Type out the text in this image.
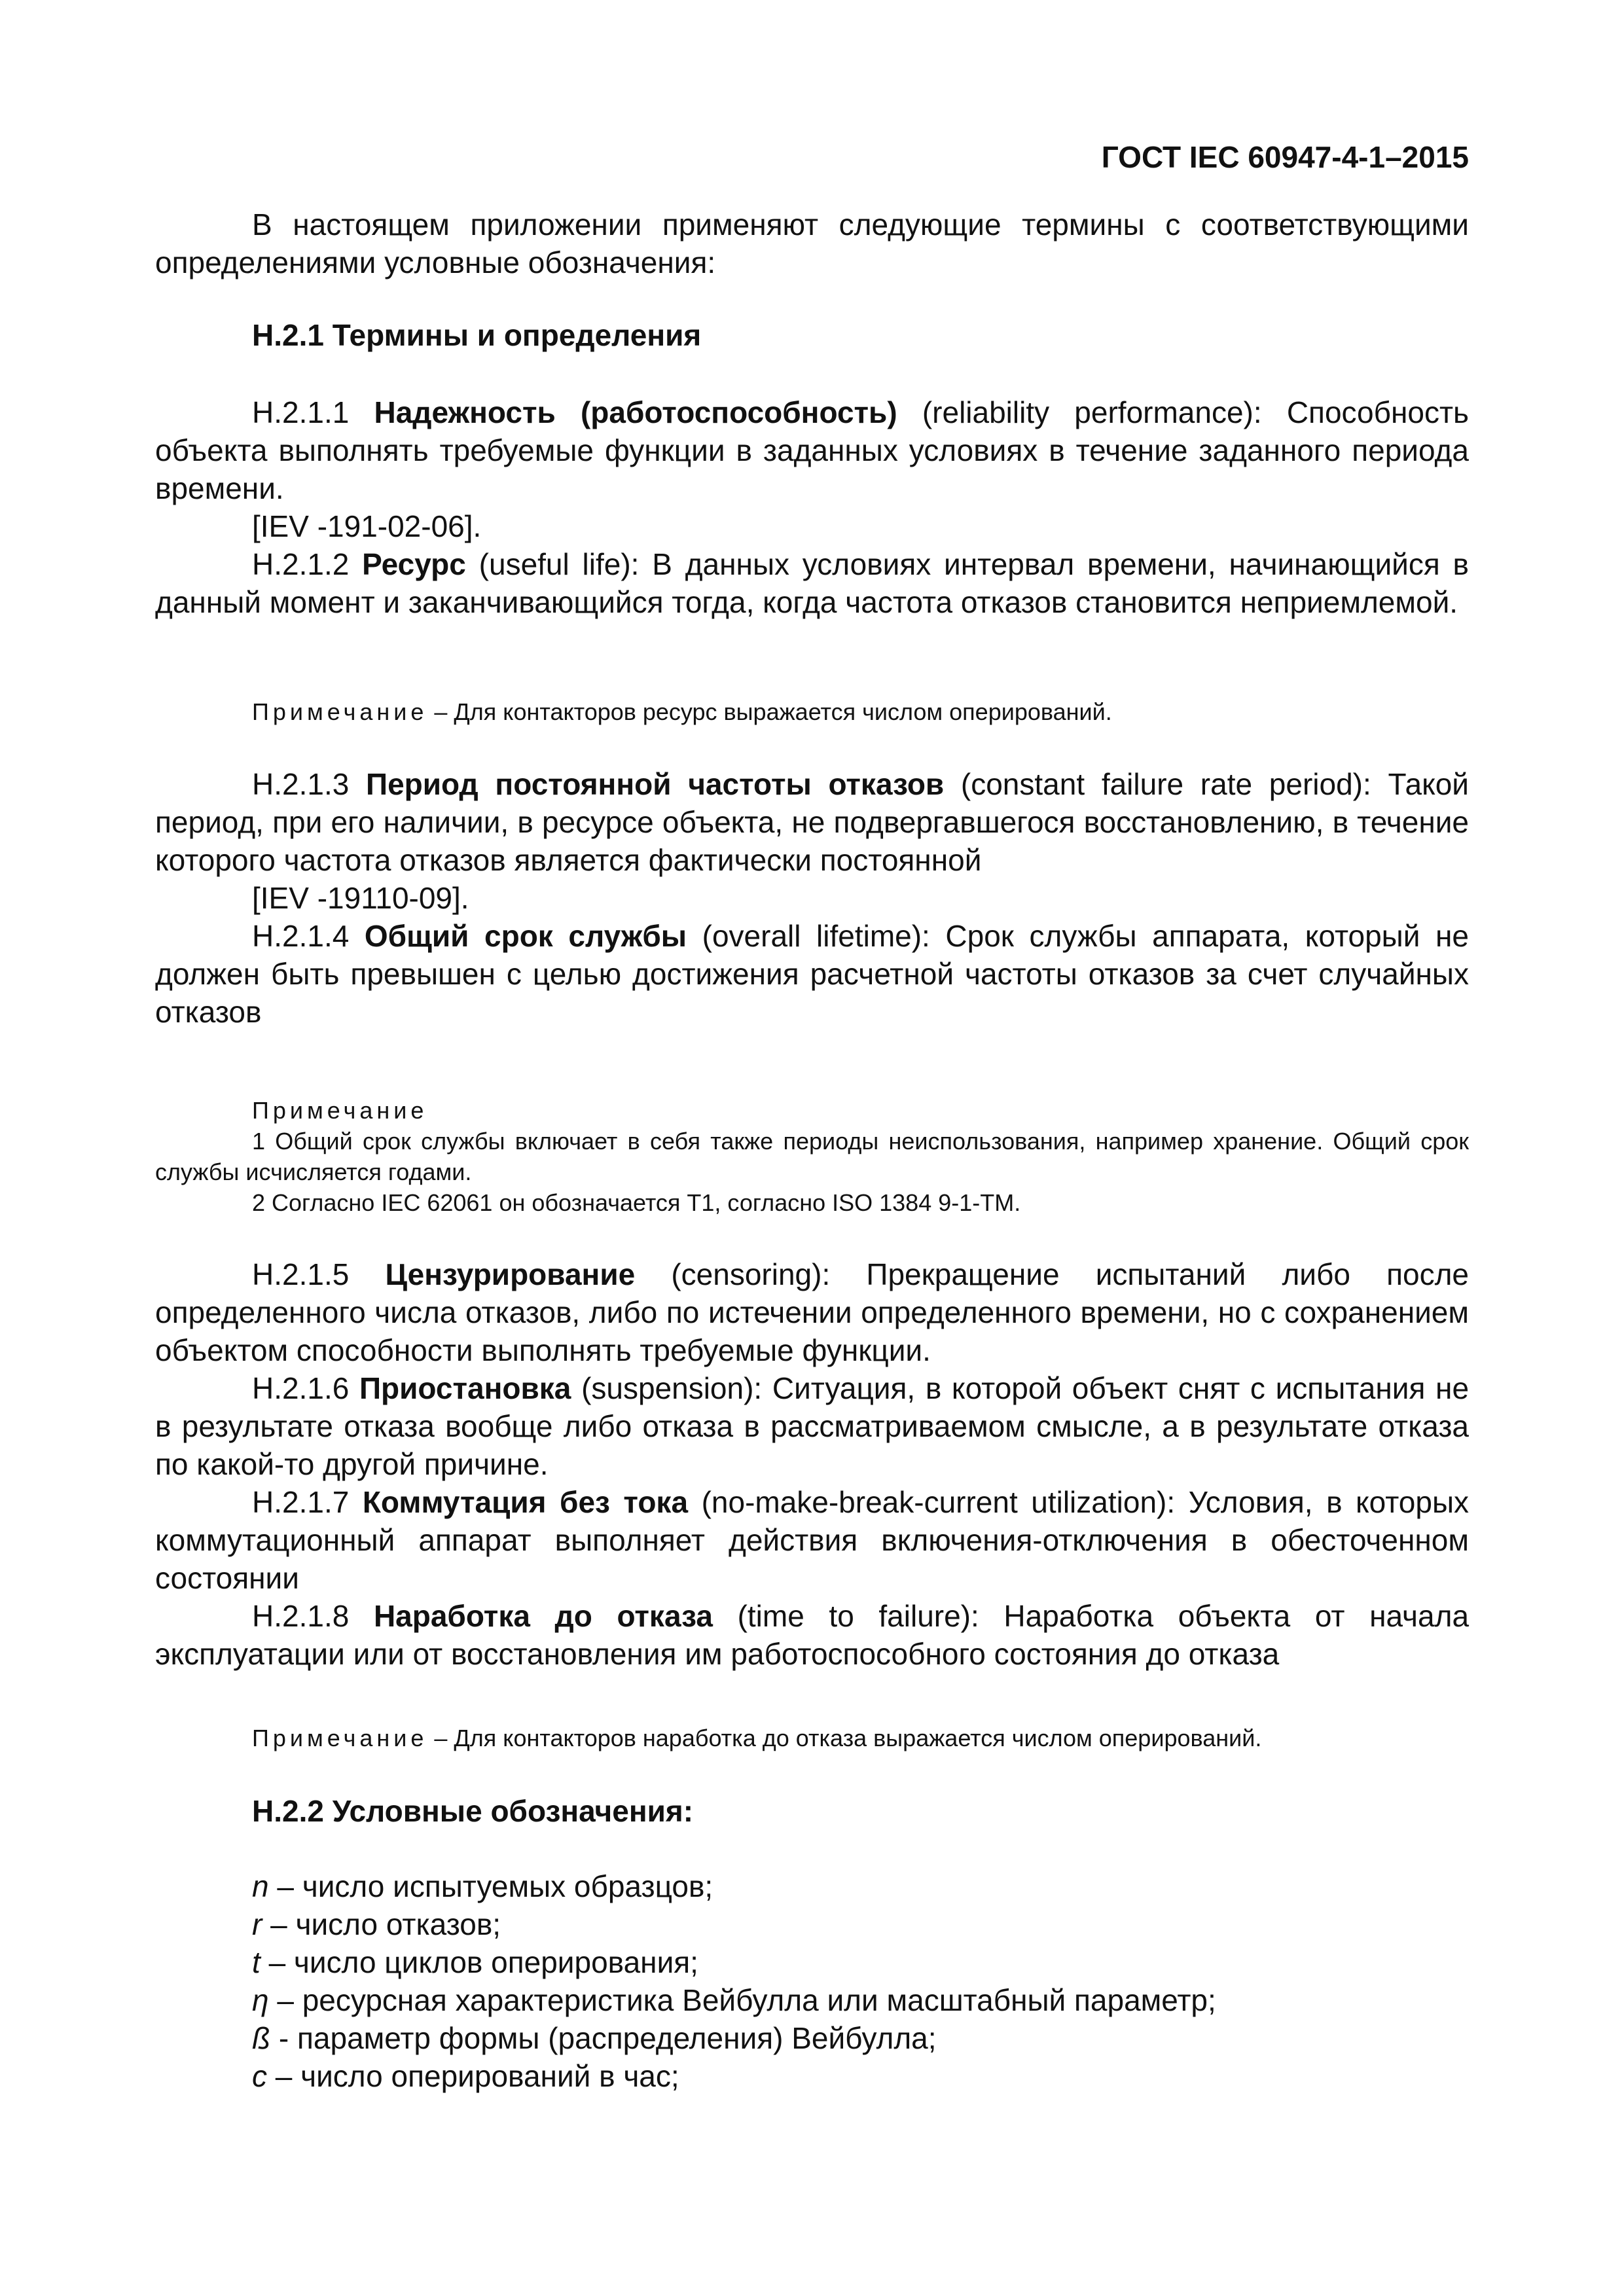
ГОСТ IEC 60947-4-1–2015

В настоящем приложении применяют следующие термины с соответствующими определениями условные обозначения:

H.2.1 Термины и определения

H.2.1.1 Надежность (работоспособность) (reliability performance): Способность объекта выполнять требуемые функции в заданных условиях в течение заданного периода времени.

[IEV -191-02-06].

H.2.1.2 Ресурс (useful life): В данных условиях интервал времени, начинающийся в данный момент и заканчивающийся тогда, когда частота отказов становится неприемлемой.

Примечание – Для контакторов ресурс выражается числом оперирований.

H.2.1.3 Период постоянной частоты отказов (constant failure rate period): Такой период, при его наличии, в ресурсе объекта, не подвергавшегося восстановлению, в течение которого частота отказов является фактически постоянной

[IEV -19110-09].

H.2.1.4 Общий срок службы (overall lifetime): Срок службы аппарата, который не должен быть превышен с целью достижения расчетной частоты отказов за счет случайных отказов

Примечание

1 Общий срок службы включает в себя также периоды неиспользования, например хранение. Общий срок службы исчисляется годами.

2 Согласно IEC 62061 он обозначается T1, согласно ISO 1384 9-1-TM.

H.2.1.5 Цензурирование (censoring): Прекращение испытаний либо после определенного числа отказов, либо по истечении определенного времени, но с сохранением объектом способности выполнять требуемые функции.

H.2.1.6 Приостановка (suspension): Ситуация, в которой объект снят с испытания не в результате отказа вообще либо отказа в рассматриваемом смысле, а в результате отказа по какой-то другой причине.

H.2.1.7 Коммутация без тока (no-make-break-current utilization): Условия, в которых коммутационный аппарат выполняет действия включения-отключения в обесточенном состоянии

H.2.1.8 Наработка до отказа (time to failure): Наработка объекта от начала эксплуатации или от восстановления им работоспособного состояния до отказа

Примечание – Для контакторов наработка до отказа выражается числом оперирований.

H.2.2 Условные обозначения:

n – число испытуемых образцов;

r – число отказов;

t – число циклов оперирования;

η – ресурсная характеристика Вейбулла или масштабный параметр;

ß - параметр формы (распределения) Вейбулла;

c – число оперирований в час;
